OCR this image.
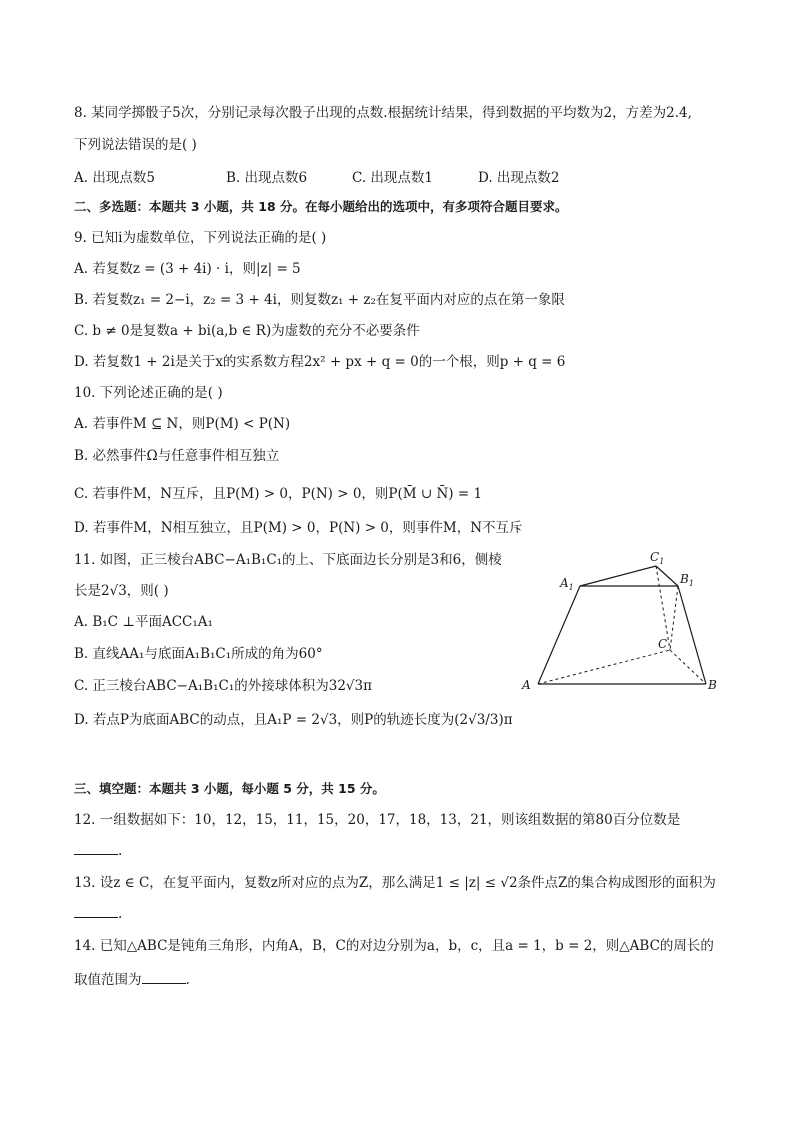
8. 某同学掷骰子5次，分别记录每次骰子出现的点数.根据统计结果，得到数据的平均数为2，方差为2.4,
下列说法错误的是( )
A. 出现点数5	B. 出现点数6	C. 出现点数1	D. 出现点数2
二、多选题：本题共 3 小题，共 18 分。在每小题给出的选项中，有多项符合题目要求。
9. 已知i为虚数单位，下列说法正确的是( )
A. 若复数z = (3 + 4i) · i，则|z| = 5
B. 若复数z₁ = 2−i，z₂ = 3 + 4i，则复数z₁ + z₂在复平面内对应的点在第一象限
C. b ≠ 0是复数a + bi(a,b ∈ R)为虚数的充分不必要条件
D. 若复数1 + 2i是关于x的实系数方程2x² + px + q = 0的一个根，则p + q = 6
10. 下列论述正确的是( )
A. 若事件M ⊆ N，则P(M) < P(N)
B. 必然事件Ω与任意事件相互独立
C. 若事件M，N互斥，且P(M) > 0，P(N) > 0，则P(M̄ ∪ N̄) = 1
D. 若事件M，N相互独立，且P(M) > 0，P(N) > 0，则事件M，N不互斥
11. 如图，正三棱台ABC−A₁B₁C₁的上、下底面边长分别是3和6，侧棱
长是2√3，则( )
A. B₁C ⊥平面ACC₁A₁
B. 直线AA₁与底面A₁B₁C₁所成的角为60°
C. 正三棱台ABC−A₁B₁C₁的外接球体积为32√3π
D. 若点P为底面ABC的动点，且A₁P = 2√3，则P的轨迹长度为(2√3/3)π
$A_1$
$C_1$
$B_1$
C
A	B
三、填空题：本题共 3 小题，每小题 5 分，共 15 分。
12. 一组数据如下：10，12，15，11，15，20，17，18，13，21，则该组数据的第80百分位数是
.
13. 设z ∈ C，在复平面内，复数z所对应的点为Z，那么满足1 ≤ |z| ≤ √2条件点Z的集合构成图形的面积为
.
14. 已知△ABC是钝角三角形，内角A，B，C的对边分别为a，b，c，且a = 1，b = 2，则△ABC的周长的
取值范围为	.
